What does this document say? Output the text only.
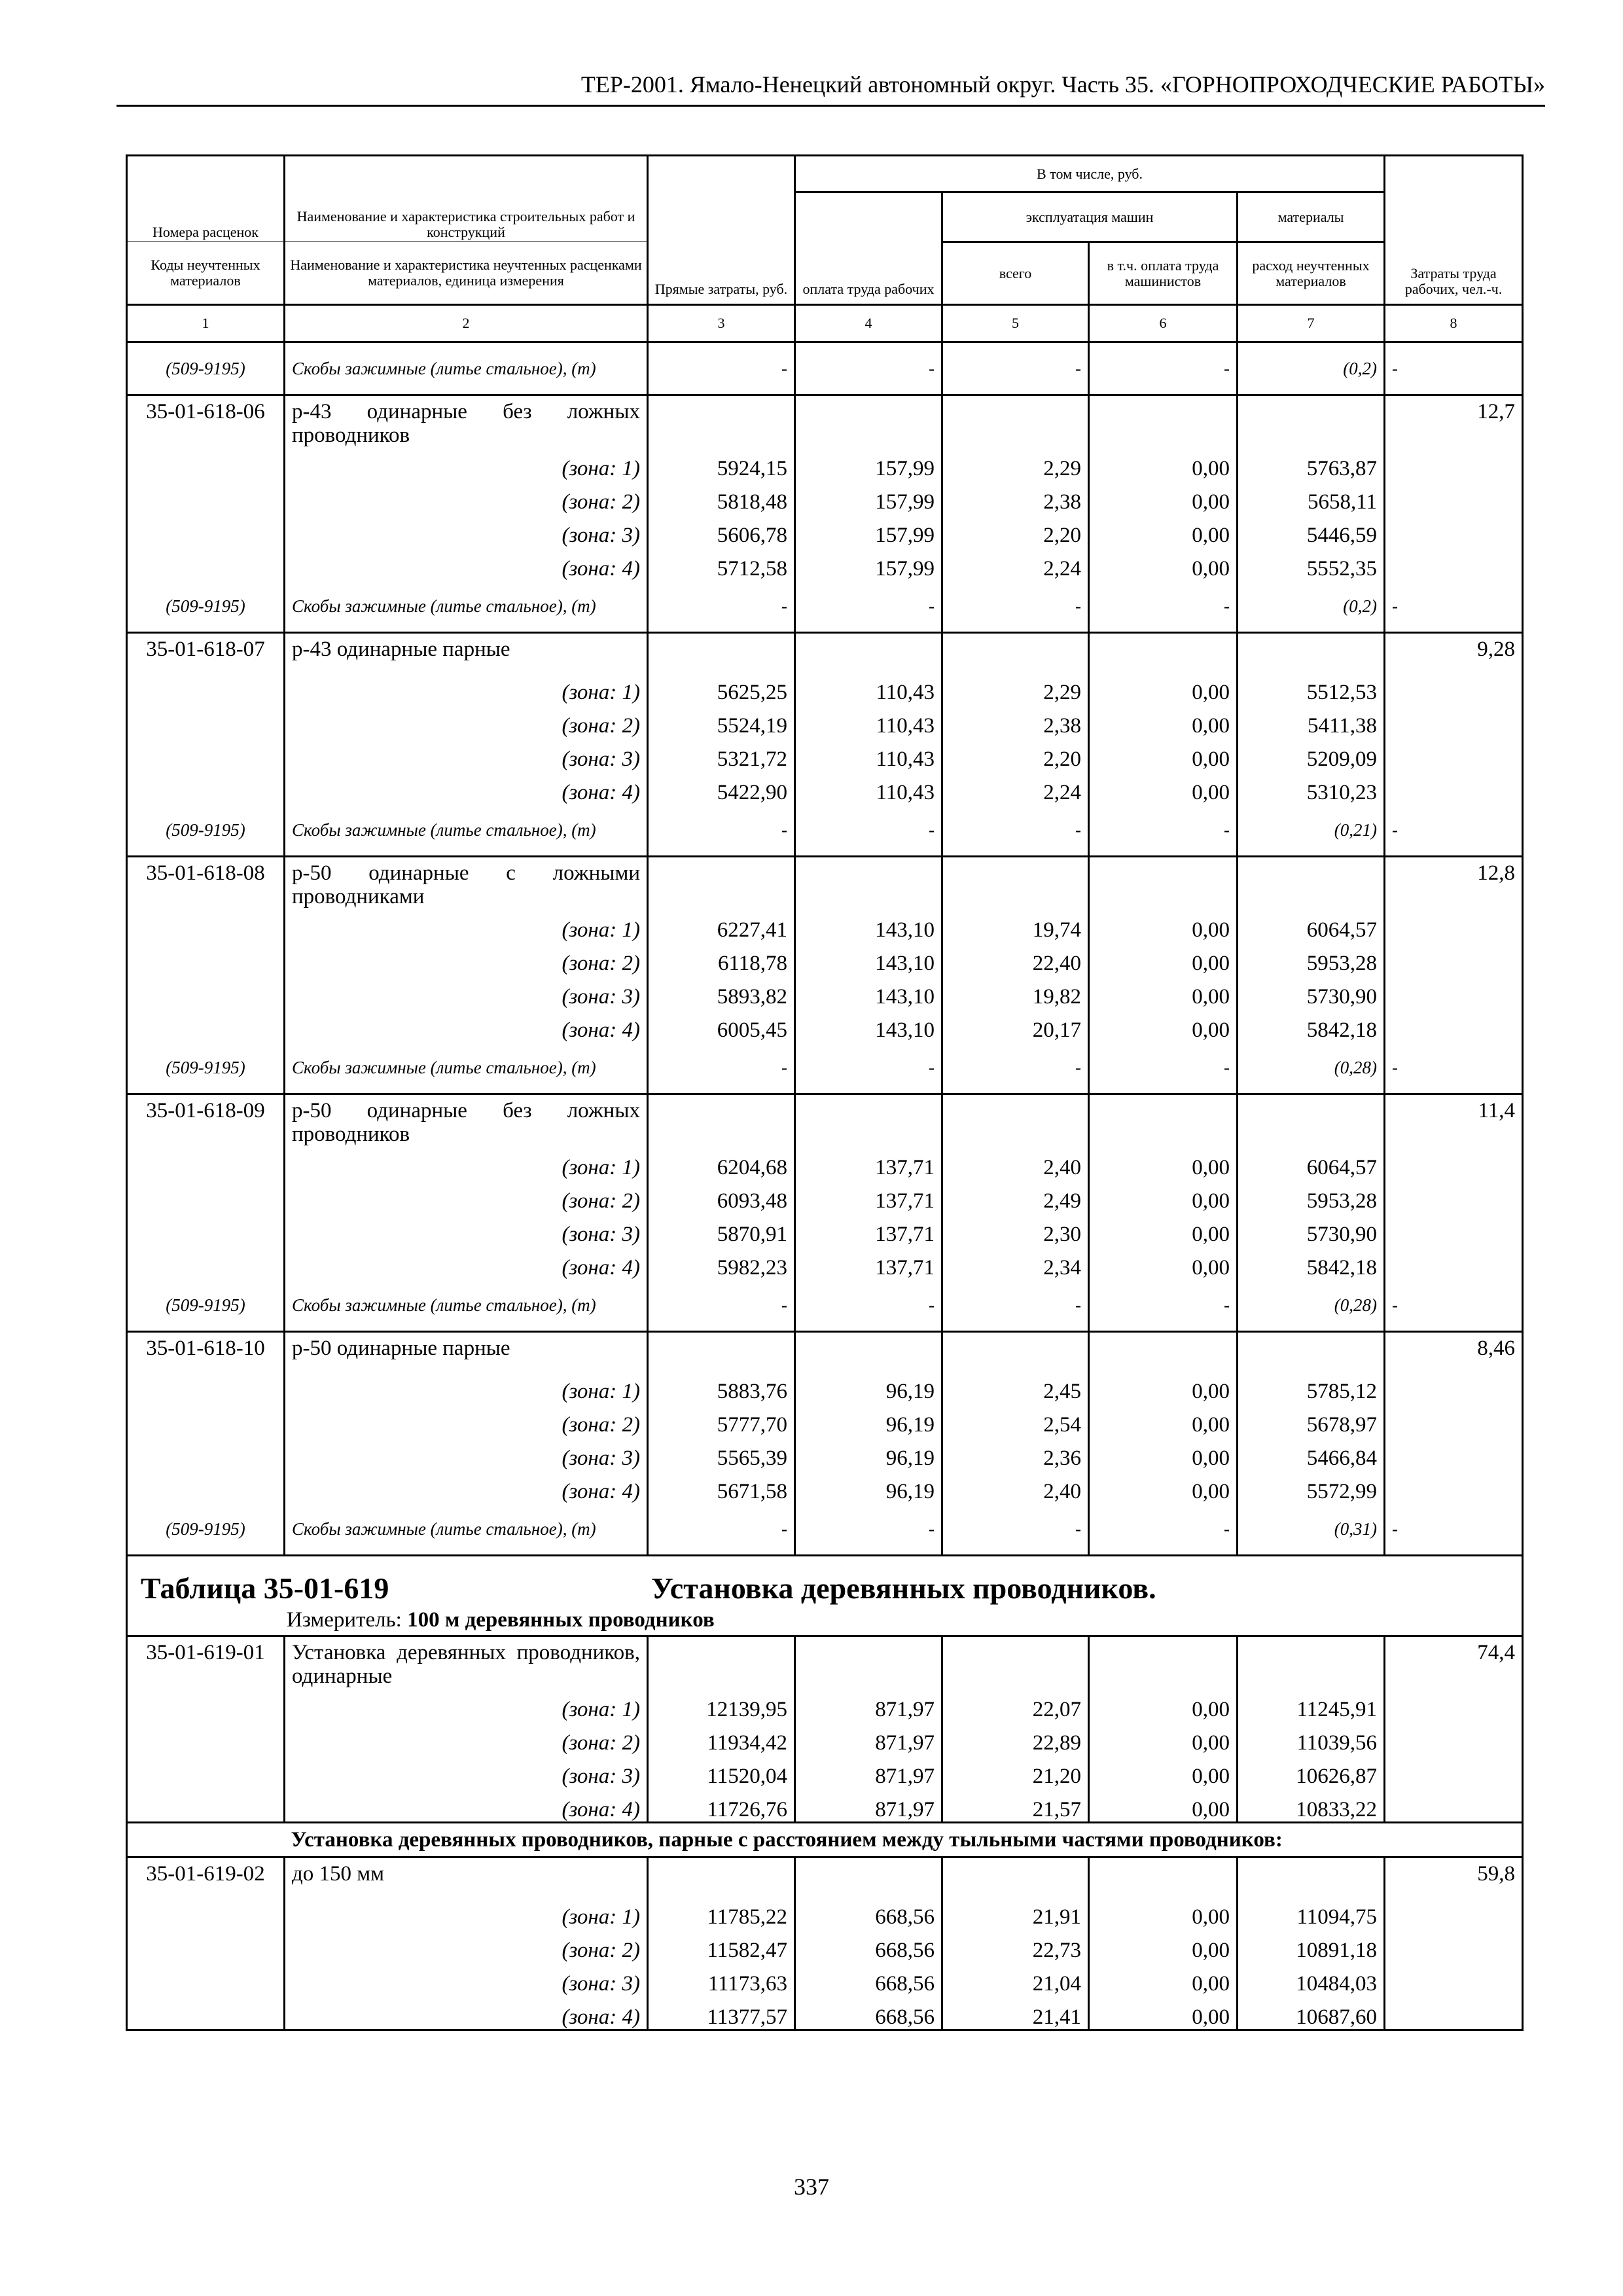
ТЕР-2001. Ямало-Ненецкий автономный округ. Часть 35. «ГОРНОПРОХОДЧЕСКИЕ РАБОТЫ»
Номера расценок	Наименование и характеристика строительных работ и конструкций	Прямые затраты, руб.	В том числе, руб.				Затраты труда рабочих, чел.-ч.
			оплата труда рабочих	эксплуатация машин		материалы	
Коды неучтенных материалов	Наименование и характеристика неучтенных расценками материалов, единица измерения			всего	в т.ч. оплата труда машинистов	расход неучтенных материалов	
1	2	3	4	5	6	7	8
(509-9195)	Скобы зажимные (литье стальное), (т)	-	-	-	-	(0,2)	-
35-01-618-06	р-43 одинарные без ложных проводников						12,7
	(зона: 1)	5924,15	157,99	2,29	0,00	5763,87	
	(зона: 2)	5818,48	157,99	2,38	0,00	5658,11	
	(зона: 3)	5606,78	157,99	2,20	0,00	5446,59	
	(зона: 4)	5712,58	157,99	2,24	0,00	5552,35	
(509-9195)	Скобы зажимные (литье стальное), (т)	-	-	-	-	(0,2)	-
35-01-618-07	р-43 одинарные парные						9,28
	(зона: 1)	5625,25	110,43	2,29	0,00	5512,53	
	(зона: 2)	5524,19	110,43	2,38	0,00	5411,38	
	(зона: 3)	5321,72	110,43	2,20	0,00	5209,09	
	(зона: 4)	5422,90	110,43	2,24	0,00	5310,23	
(509-9195)	Скобы зажимные (литье стальное), (т)	-	-	-	-	(0,21)	-
35-01-618-08	р-50 одинарные с ложными проводниками						12,8
	(зона: 1)	6227,41	143,10	19,74	0,00	6064,57	
	(зона: 2)	6118,78	143,10	22,40	0,00	5953,28	
	(зона: 3)	5893,82	143,10	19,82	0,00	5730,90	
	(зона: 4)	6005,45	143,10	20,17	0,00	5842,18	
(509-9195)	Скобы зажимные (литье стальное), (т)	-	-	-	-	(0,28)	-
35-01-618-09	р-50 одинарные без ложных проводников						11,4
	(зона: 1)	6204,68	137,71	2,40	0,00	6064,57	
	(зона: 2)	6093,48	137,71	2,49	0,00	5953,28	
	(зона: 3)	5870,91	137,71	2,30	0,00	5730,90	
	(зона: 4)	5982,23	137,71	2,34	0,00	5842,18	
(509-9195)	Скобы зажимные (литье стальное), (т)	-	-	-	-	(0,28)	-
35-01-618-10	р-50 одинарные парные						8,46
	(зона: 1)	5883,76	96,19	2,45	0,00	5785,12	
	(зона: 2)	5777,70	96,19	2,54	0,00	5678,97	
	(зона: 3)	5565,39	96,19	2,36	0,00	5466,84	
	(зона: 4)	5671,58	96,19	2,40	0,00	5572,99	
(509-9195)	Скобы зажимные (литье стальное), (т)	-	-	-	-	(0,31)	-

Таблица 35-01-619 Установка деревянных проводников.
Измеритель: 100 м деревянных проводников							

35-01-619-01	Установка деревянных проводников, одинарные						74,4
	(зона: 1)	12139,95	871,97	22,07	0,00	11245,91	
	(зона: 2)	11934,42	871,97	22,89	0,00	11039,56	
	(зона: 3)	11520,04	871,97	21,20	0,00	10626,87	
	(зона: 4)	11726,76	871,97	21,57	0,00	10833,22	
	Установка деревянных проводников, парные с расстоянием между тыльными частями проводников:						
35-01-619-02	до 150 мм						59,8
	(зона: 1)	11785,22	668,56	21,91	0,00	11094,75	
	(зона: 2)	11582,47	668,56	22,73	0,00	10891,18	
	(зона: 3)	11173,63	668,56	21,04	0,00	10484,03	
	(зона: 4)	11377,57	668,56	21,41	0,00	10687,60	
337
